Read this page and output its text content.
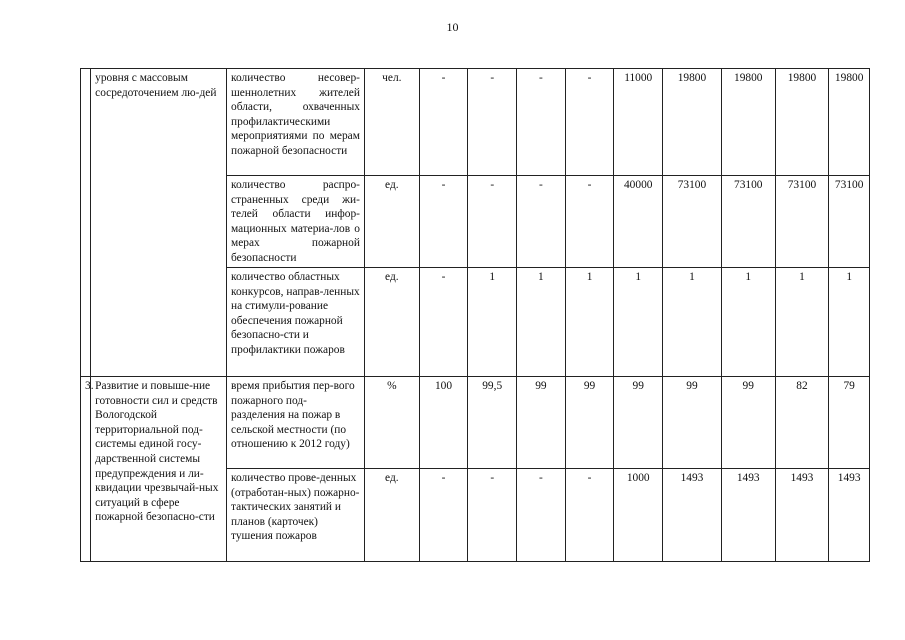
10
	уровня с массовым сосредоточением лю-дей	количество несовер-шеннолетних жителей области, охваченных профилактическими мероприятиями по мерам пожарной безопасности	чел.	-	-	-	-	11000	19800	19800	19800	19800
		количество распро-страненных среди жи-телей области инфор-мационных материа-лов о мерах пожарной безопасности	ед.	-	-	-	-	40000	73100	73100	73100	73100
		количество областных конкурсов, направ-ленных на стимули-рование обеспечения пожарной безопасно-сти и профилактики пожаров	ед.	-	1	1	1	1	1	1	1	1
3.	Развитие и повыше-ние готовности сил и средств Вологодской территориальной под-системы единой госу-дарственной системы предупреждения и ли-квидации чрезвычай-ных ситуаций в сфере пожарной безопасно-сти	время прибытия пер-вого пожарного под-разделения на пожар в сельской местности (по отношению к 2012 году)	%	100	99,5	99	99	99	99	99	82	79
		количество прове-денных (отработан-ных) пожарно-тактических занятий и планов (карточек) тушения пожаров	ед.	-	-	-	-	1000	1493	1493	1493	1493
